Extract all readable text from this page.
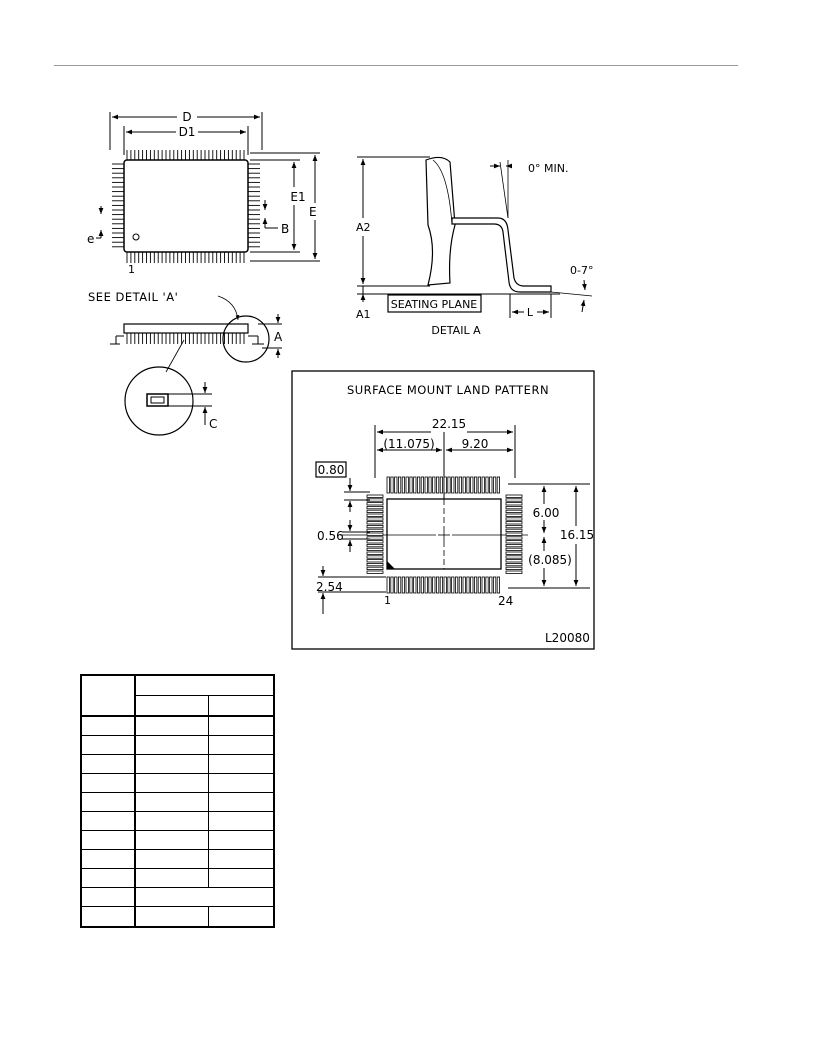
D
D1
E1
E
B
e
1
SEE DETAIL 'A'
A
C
A2
A1
SEATING PLANE
DETAIL A
0° MIN.
L
0-7°
SURFACE MOUNT LAND PATTERN
22.15
(11.075) 9.20
0.80
0.56
2.54
6.00
(8.085)
16.15
1	24
L20080
